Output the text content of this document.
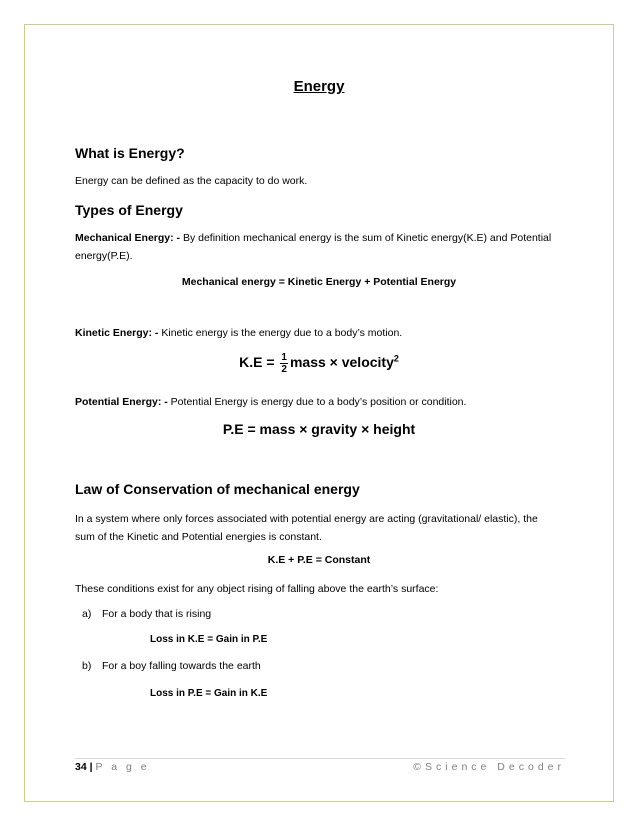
Energy
What is Energy?

Energy can be defined as the capacity to do work.

Types of Energy

Mechanical Energy: - By definition mechanical energy is the sum of Kinetic energy(K.E) and Potential
energy(P.E).

Mechanical energy = Kinetic Energy + Potential Energy

Kinetic Energy: - Kinetic energy is the energy due to a body’s motion.

$K.E = \frac{1}{2}$ mass × velocity$^2$

Potential Energy: - Potential Energy is energy due to a body’s position or condition.

P.E = mass × gravity × height

Law of Conservation of mechanical energy

In a system where only forces associated with potential energy are acting (gravitational/ elastic), the
sum of the Kinetic and Potential energies is constant.

K.E + P.E = Constant

These conditions exist for any object rising of falling above the earth’s surface:

a) For a body that is rising

Loss in K.E = Gain in P.E

b) For a boy falling towards the earth

Loss in P.E = Gain in K.E

34 | P a g e	©Science Decoder
